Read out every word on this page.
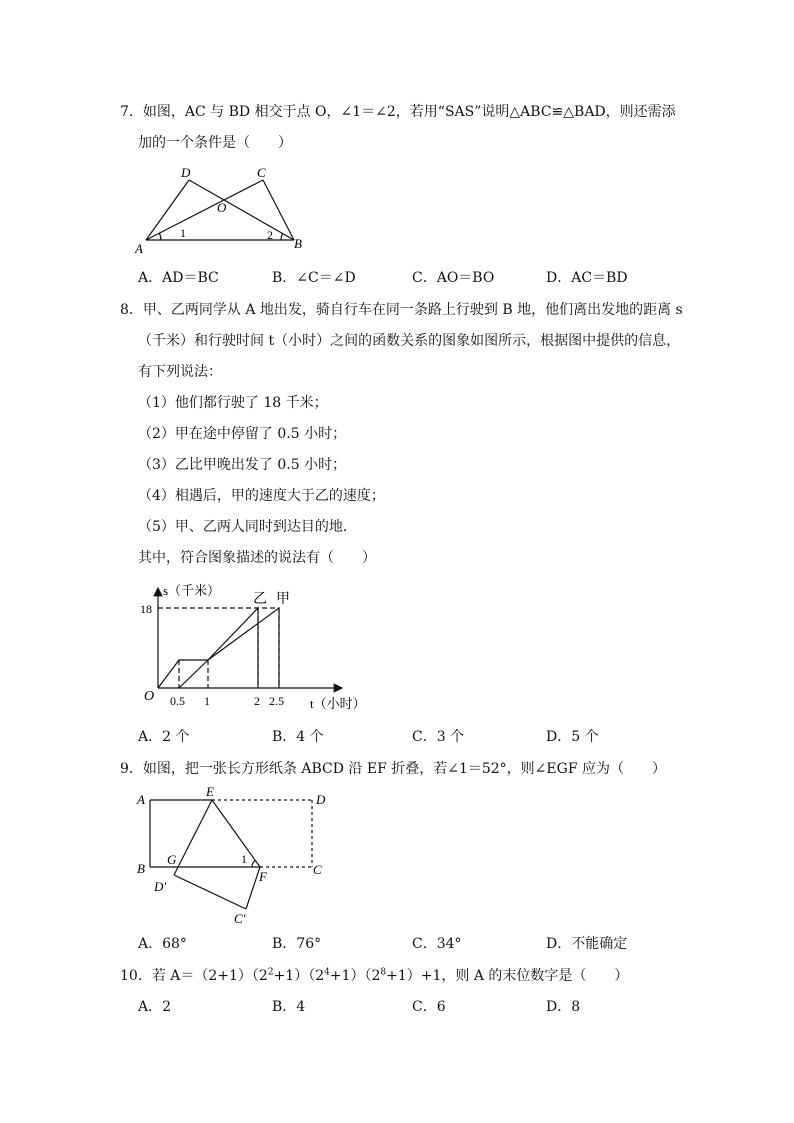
7．如图，AC 与 BD 相交于点 O，∠1＝∠2，若用“SAS”说明△ABC≌△BAD，则还需添
加的一个条件是（　　）
A	B
C
D
O
1	2
A．AD＝BC	B．∠C＝∠D	C．AO＝BO	D．AC＝BD
8．甲、乙两同学从 A 地出发，骑自行车在同一条路上行驶到 B 地，他们离出发地的距离 s
（千米）和行驶时间 t（小时）之间的函数关系的图象如图所示，根据图中提供的信息，
有下列说法：
（1）他们都行驶了 18 千米；
（2）甲在途中停留了 0.5 小时；
（3）乙比甲晚出发了 0.5 小时；
（4）相遇后，甲的速度大于乙的速度；
（5）甲、乙两人同时到达目的地．
其中，符合图象描述的说法有（　　）
s（千米）
t（小时）
O
18
0.5 1	2 2.5
乙 甲
A．2 个	B．4 个	C．3 个	D．5 个
9．如图，把一张长方形纸条 ABCD 沿 EF 折叠，若∠1＝52°，则∠EGF 应为（　　）
A
E
D
B
G	1
F	C
D′
C′
A．68°	B．76°	C．34°	D．不能确定
10．若 $A=(2+1)(2^2+1)(2^4+1)(2^8+1)+1$，则 A 的末位数字是（　　）
A．2	B．4	C．6	D．8
